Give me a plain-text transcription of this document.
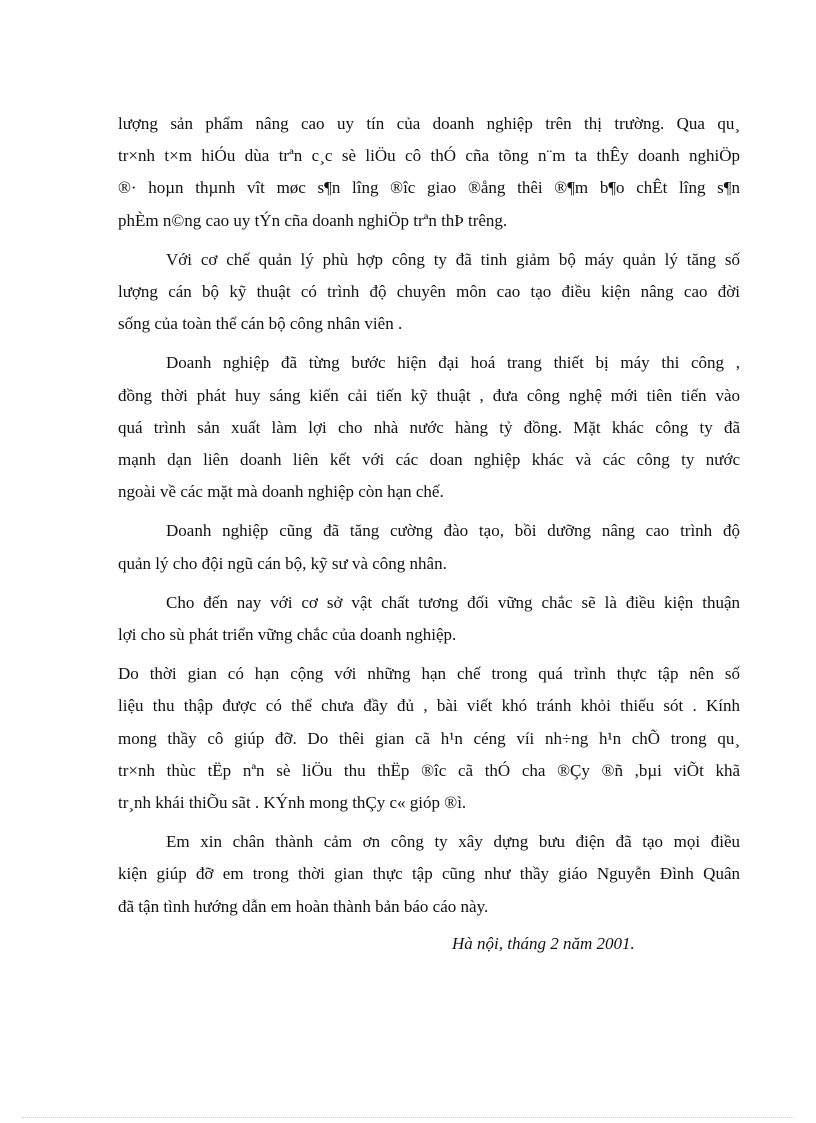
lượng sản phẩm nâng cao uy tín của doanh nghiệp trên thị trường. Qua qu¸
tr×nh t×m hiÓu dùa trªn c¸c sè liÖu cô thÓ cña tõng n¨m ta thÊy doanh nghiÖp
®· hoµn thµnh vît møc s¶n lîng ®îc giao ®ång thêi ®¶m b¶o chÊt lîng s¶n
phÈm n©ng cao uy tÝn cña doanh nghiÖp trªn thÞ trêng.

Với cơ chế quản lý phù hợp công ty đã tinh giảm bộ máy quản lý tăng số
lượng cán bộ kỹ thuật có trình độ chuyên môn cao tạo điều kiện nâng cao đời
sống của toàn thể cán bộ công nhân viên .

Doanh nghiệp đã từng bước hiện đại hoá trang thiết bị máy thi công ,
đồng thời phát huy sáng kiến cải tiến kỹ thuật , đưa công nghệ mới tiên tiến vào
quá trình sản xuất làm lợi cho nhà nước hàng tỷ đồng. Mặt khác công ty đã
mạnh dạn liên doanh liên kết với các doan nghiệp khác và các công ty nước
ngoài về các mặt mà doanh nghiệp còn hạn chế.

Doanh nghiệp cũng đã tăng cường đào tạo, bồi dưỡng nâng cao trình độ
quản lý cho đội ngũ cán bộ, kỹ sư và công nhân.

Cho đến nay với cơ sở vật chất tương đối vững chắc sẽ là điều kiện thuận
lợi cho sù phát triển vững chắc của doanh nghiệp.

Do thời gian có hạn cộng với những hạn chế trong quá trình thực tập nên số
liệu thu thập được có thể chưa đầy đủ , bài viết khó tránh khỏi thiếu sót . Kính
mong thầy cô giúp đỡ. Do thêi gian cã h¹n céng víi nh÷ng h¹n chÕ trong qu¸
tr×nh thùc tËp nªn sè liÖu thu thËp ®îc cã thÓ cha ®Çy ®ñ ,bµi viÕt khã
tr¸nh khái thiÕu sãt . KÝnh mong thÇy c« gióp ®ì.

Em xin chân thành cảm ơn công ty xây dựng bưu điện đã tạo mọi điều
kiện giúp đỡ em trong thời gian thực tập cũng như thầy giáo Nguyễn Đình Quân
đã tận tình hướng dẫn em hoàn thành bản báo cáo này.

Hà nội, tháng 2 năm 2001.
